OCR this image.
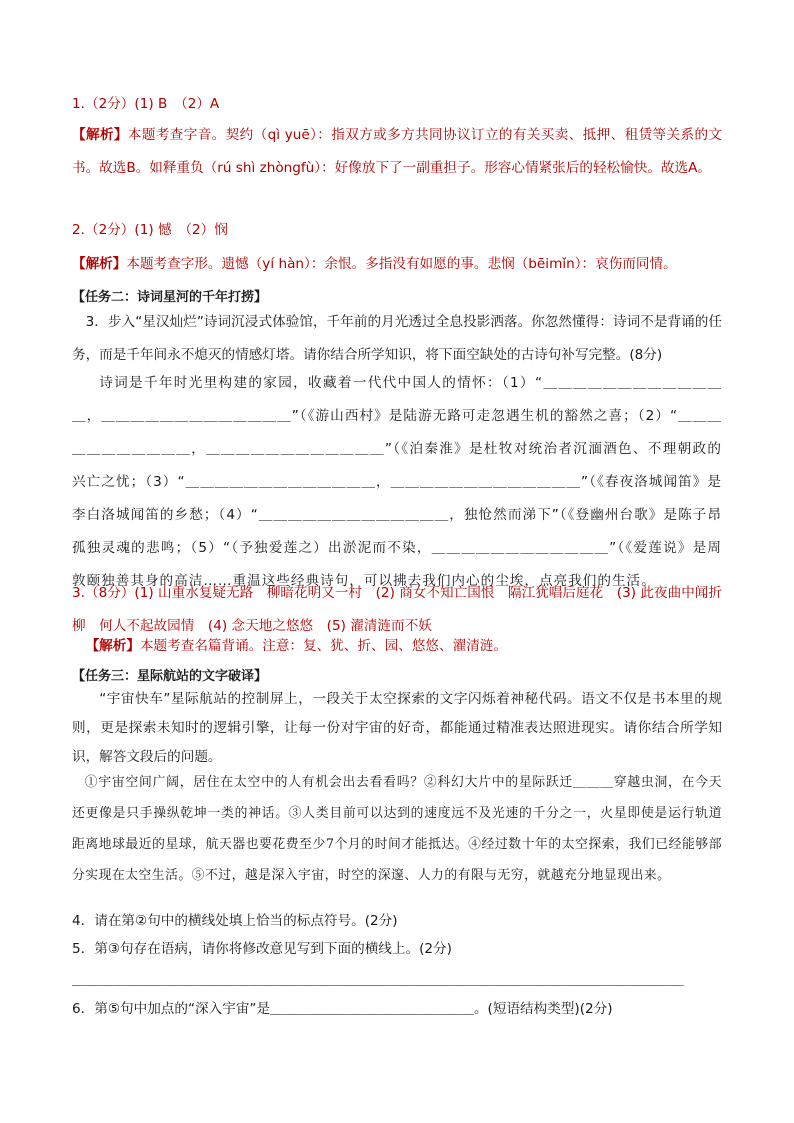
1.（2分）(1) B　（2）A
【解析】本题考查字音。契约（qì yuē）：指双方或多方共同协议订立的有关买卖、抵押、租赁等关系的文书。故选B。如释重负（rú shì zhòngfù）：好像放下了一副重担子。形容心情紧张后的轻松愉快。故选A。
2.（2分）(1) 憾　（2）悯
【解析】本题考查字形。遗憾（yí hàn）：余恨。多指没有如愿的事。悲悯（bēimǐn）：哀伤而同情。
【任务二：诗词星河的千年打捞】
3．步入“星汉灿烂”诗词沉浸式体验馆，千年前的月光透过全息投影洒落。你忽然懂得：诗词不是背诵的任务，而是千年间永不熄灭的情感灯塔。请你结合所学知识，将下面空缺处的古诗句补写完整。(8分)
诗词是千年时光里构建的家园，收藏着一代代中国人的情怀：（1）“＿＿＿＿＿＿＿＿＿＿＿＿＿，＿＿＿＿＿＿＿＿＿＿＿＿＿”（《游山西村》是陆游无路可走忽遇生机的豁然之喜；（2）“＿＿＿＿＿＿＿＿＿＿＿，＿＿＿＿＿＿＿＿＿＿＿＿”（《泊秦淮》是杜牧对统治者沉湎酒色、不理朝政的兴亡之忧；（3）“＿＿＿＿＿＿＿＿＿＿＿＿＿，＿＿＿＿＿＿＿＿＿＿＿＿＿”（《春夜洛城闻笛》是李白洛城闻笛的乡愁；（4）“＿＿＿＿＿＿＿＿＿＿＿＿＿，独怆然而涕下”（《登幽州台歌》是陈子昂孤独灵魂的悲鸣；（5）“（予独爱莲之）出淤泥而不染，＿＿＿＿＿＿＿＿＿＿＿＿”（《爱莲说》是周敦颐独善其身的高洁……重温这些经典诗句，可以拂去我们内心的尘埃，点亮我们的生活。
3.（8分）(1) 山重水复疑无路　柳暗花明又一村　(2) 商女不知亡国恨　隔江犹唱后庭花　(3) 此夜曲中闻折柳　何人不起故园情　(4) 念天地之悠悠　(5) 濯清涟而不妖
【解析】本题考查名篇背诵。注意：复、犹、折、园、悠悠、濯清涟。
【任务三：星际航站的文字破译】
“宇宙快车”星际航站的控制屏上，一段关于太空探索的文字闪烁着神秘代码。语文不仅是书本里的规则，更是探索未知时的逻辑引擎，让每一份对宇宙的好奇，都能通过精准表达照进现实。请你结合所学知识，解答文段后的问题。
①宇宙空间广阔，居住在太空中的人有机会出去看看吗？②科幻大片中的星际跃迁＿＿＿穿越虫洞，在今天还更像是只手操纵乾坤一类的神话。③人类目前可以达到的速度远不及光速的千分之一，火星即使是运行轨道距离地球最近的星球，航天器也要花费至少7个月的时间才能抵达。④经过数十年的太空探索，我们已经能够部分实现在太空生活。⑤不过，越是深入宇宙，时空的深邃、人力的有限与无穷，就越充分地显现出来。
4．请在第②句中的横线处填上恰当的标点符号。(2分)
5．第③句存在语病，请你将修改意见写到下面的横线上。(2分)
＿＿＿＿＿＿＿＿＿＿＿＿＿＿＿＿＿＿＿＿＿＿＿＿＿＿＿＿＿＿＿＿＿＿＿＿＿＿＿＿＿＿＿＿＿
6．第⑤句中加点的“深入宇宙”是＿＿＿＿＿＿＿＿＿＿＿＿＿＿＿。(短语结构类型)(2分)
